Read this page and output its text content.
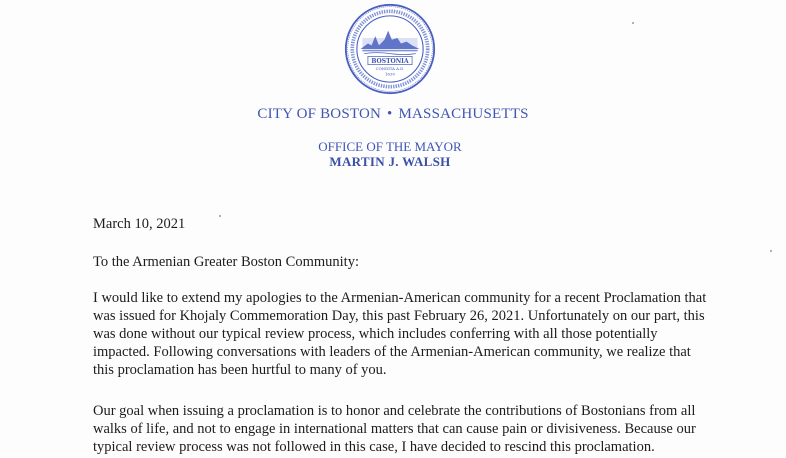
BOSTONIA
CONDITA A.D.
1630
CITY OF BOSTON • MASSACHUSETTS
OFFICE OF THE MAYOR
MARTIN J. WALSH
March 10, 2021
To the Armenian Greater Boston Community:
I would like to extend my apologies to the Armenian-American community for a recent Proclamation that
was issued for Khojaly Commemoration Day, this past February 26, 2021. Unfortunately on our part, this
was done without our typical review process, which includes conferring with all those potentially
impacted. Following conversations with leaders of the Armenian-American community, we realize that
this proclamation has been hurtful to many of you.
Our goal when issuing a proclamation is to honor and celebrate the contributions of Bostonians from all
walks of life, and not to engage in international matters that can cause pain or divisiveness. Because our
typical review process was not followed in this case, I have decided to rescind this proclamation.
